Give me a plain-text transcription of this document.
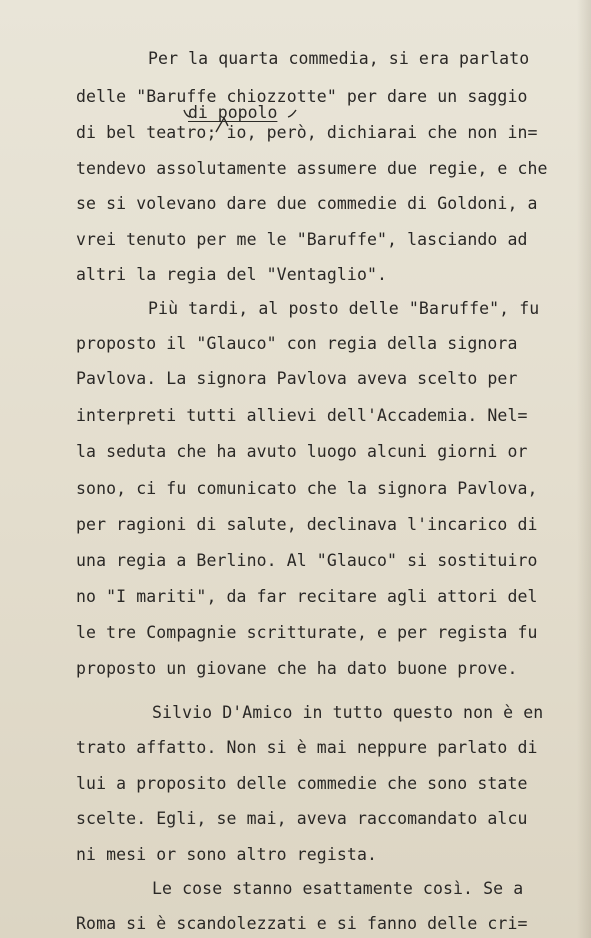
di popolo
Per la quarta commedia, si era parlato
delle "Baruffe chiozzotte" per dare un saggio
di bel teatro; io, però, dichiarai che non in=
tendevo assolutamente assumere due regie, e che
se si volevano dare due commedie di Goldoni, a
vrei tenuto per me le "Baruffe", lasciando ad
altri la regia del "Ventaglio".
Più tardi, al posto delle "Baruffe", fu
proposto il "Glauco" con regia della signora
Pavlova. La signora Pavlova aveva scelto per
interpreti tutti allievi dell'Accademia. Nel=
la seduta che ha avuto luogo alcuni giorni or
sono, ci fu comunicato che la signora Pavlova,
per ragioni di salute, declinava l'incarico di
una regia a Berlino. Al "Glauco" si sostituiro
no "I mariti", da far recitare agli attori del
le tre Compagnie scritturate, e per regista fu
proposto un giovane che ha dato buone prove.
Silvio D'Amico in tutto questo non è en
trato affatto. Non si è mai neppure parlato di
lui a proposito delle commedie che sono state
scelte. Egli, se mai, aveva raccomandato alcu
ni mesi or sono altro regista.
Le cose stanno esattamente così. Se a
Roma si è scandolezzati e si fanno delle cri=
